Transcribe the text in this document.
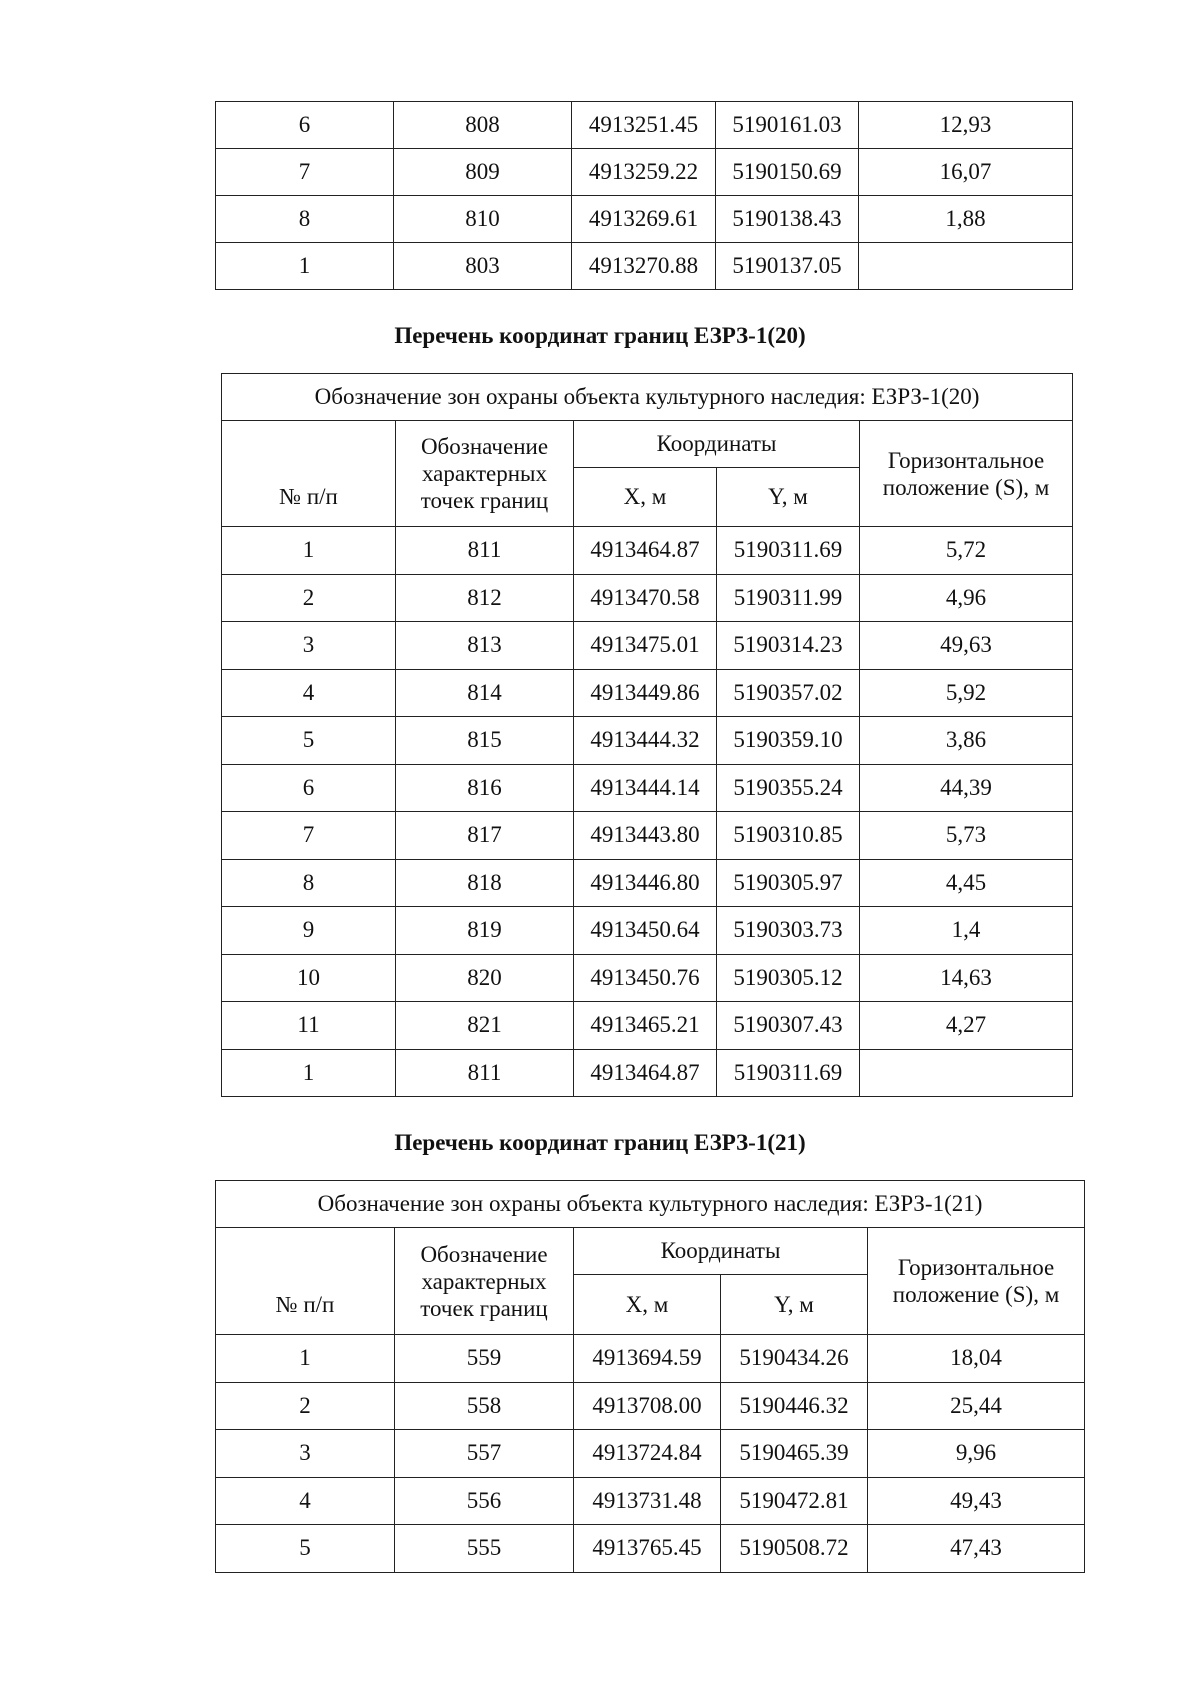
6	808	4913251.45	5190161.03	12,93
7	809	4913259.22	5190150.69	16,07
8	810	4913269.61	5190138.43	1,88
1	803	4913270.88	5190137.05	
Перечень координат границ ЕЗРЗ-1(20)
Обозначение зон охраны объекта культурного наследия: ЕЗРЗ-1(20)				
№ п/п	Обозначение характерных точек границ	Координаты		Горизонтальное положение (S), м
		X, м	Y, м	
1	811	4913464.87	5190311.69	5,72
2	812	4913470.58	5190311.99	4,96
3	813	4913475.01	5190314.23	49,63
4	814	4913449.86	5190357.02	5,92
5	815	4913444.32	5190359.10	3,86
6	816	4913444.14	5190355.24	44,39
7	817	4913443.80	5190310.85	5,73
8	818	4913446.80	5190305.97	4,45
9	819	4913450.64	5190303.73	1,4
10	820	4913450.76	5190305.12	14,63
11	821	4913465.21	5190307.43	4,27
1	811	4913464.87	5190311.69	
Перечень координат границ ЕЗРЗ-1(21)
Обозначение зон охраны объекта культурного наследия: ЕЗРЗ-1(21)				
№ п/п	Обозначение характерных точек границ	Координаты		Горизонтальное положение (S), м
		X, м	Y, м	
1	559	4913694.59	5190434.26	18,04
2	558	4913708.00	5190446.32	25,44
3	557	4913724.84	5190465.39	9,96
4	556	4913731.48	5190472.81	49,43
5	555	4913765.45	5190508.72	47,43
